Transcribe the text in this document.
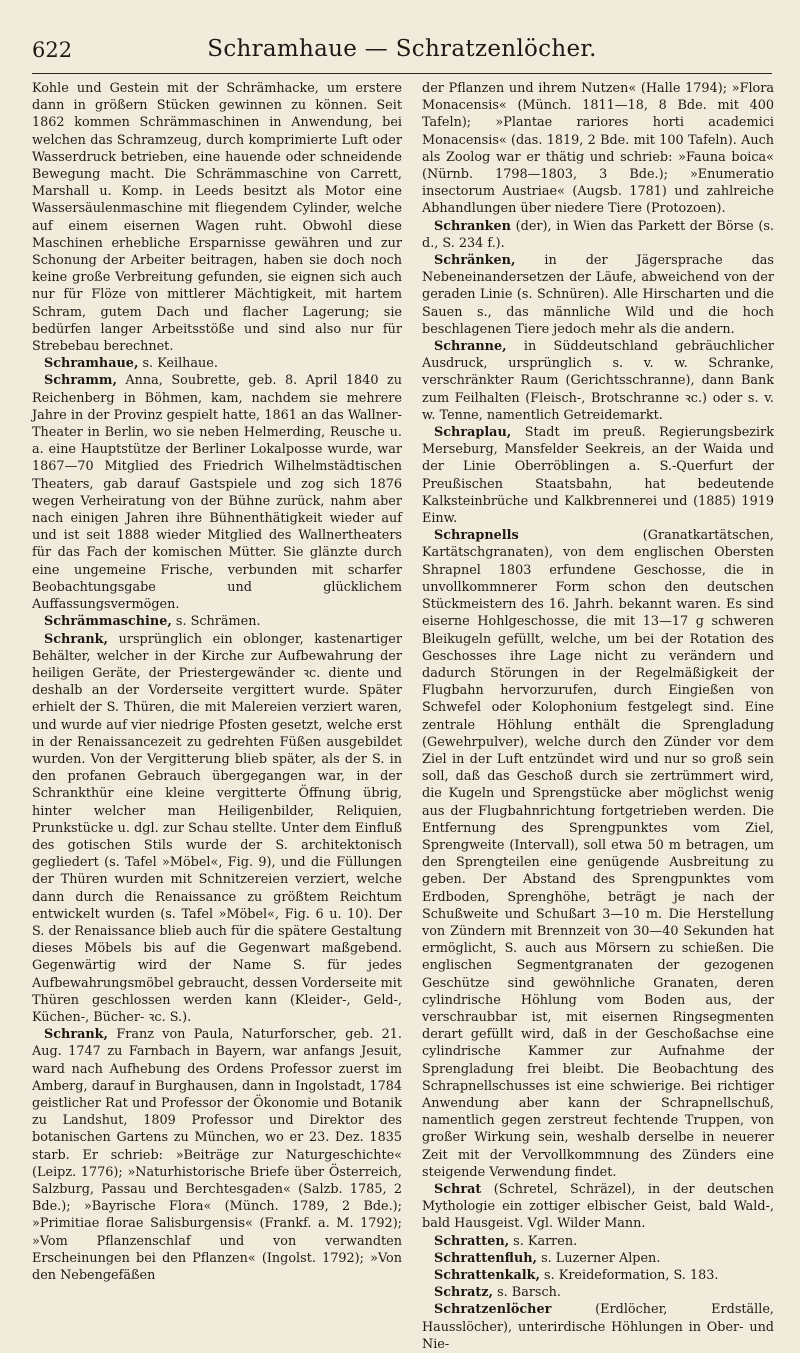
622	Schramhaue — Schratzenlöcher.

Kohle und Gestein mit der Schrämhacke, um erstere dann in größern Stücken gewinnen zu können. Seit 1862 kommen Schrämmaschinen in Anwendung, bei welchen das Schramzeug, durch komprimierte Luft oder Wasserdruck betrieben, eine hauende oder schneidende Bewegung macht. Die Schrämmaschine von Carrett, Marshall u. Komp. in Leeds besitzt als Motor eine Wassersäulenmaschine mit fliegendem Cylinder, welche auf einem eisernen Wagen ruht. Obwohl diese Maschinen erhebliche Ersparnisse gewähren und zur Schonung der Arbeiter beitragen, haben sie doch noch keine große Verbreitung gefunden, sie eignen sich auch nur für Flöze von mittlerer Mächtigkeit, mit hartem Schram, gutem Dach und flacher Lagerung; sie bedürfen langer Arbeitsstöße und sind also nur für Strebebau berechnet.

Schramhaue, s. Keilhaue.

Schramm, Anna, Soubrette, geb. 8. April 1840 zu Reichenberg in Böhmen, kam, nachdem sie mehrere Jahre in der Provinz gespielt hatte, 1861 an das Wallner-Theater in Berlin, wo sie neben Helmerding, Reusche u. a. eine Hauptstütze der Berliner Lokalposse wurde, war 1867—70 Mitglied des Friedrich Wilhelmstädtischen Theaters, gab darauf Gastspiele und zog sich 1876 wegen Verheiratung von der Bühne zurück, nahm aber nach einigen Jahren ihre Bühnenthätigkeit wieder auf und ist seit 1888 wieder Mitglied des Wallnertheaters für das Fach der komischen Mütter. Sie glänzte durch eine ungemeine Frische, verbunden mit scharfer Beobachtungsgabe und glücklichem Auffassungsvermögen.

Schrämmaschine, s. Schrämen.

Schrank, ursprünglich ein oblonger, kastenartiger Behälter, welcher in der Kirche zur Aufbewahrung der heiligen Geräte, der Priestergewänder ꝛc. diente und deshalb an der Vorderseite vergittert wurde. Später erhielt der S. Thüren, die mit Malereien verziert waren, und wurde auf vier niedrige Pfosten gesetzt, welche erst in der Renaissancezeit zu gedrehten Füßen ausgebildet wurden. Von der Vergitterung blieb später, als der S. in den profanen Gebrauch übergegangen war, in der Schrankthür eine kleine vergitterte Öffnung übrig, hinter welcher man Heiligenbilder, Reliquien, Prunkstücke u. dgl. zur Schau stellte. Unter dem Einfluß des gotischen Stils wurde der S. architektonisch gegliedert (s. Tafel »Möbel«, Fig. 9), und die Füllungen der Thüren wurden mit Schnitzereien verziert, welche dann durch die Renaissance zu größtem Reichtum entwickelt wurden (s. Tafel »Möbel«, Fig. 6 u. 10). Der S. der Renaissance blieb auch für die spätere Gestaltung dieses Möbels bis auf die Gegenwart maßgebend. Gegenwärtig wird der Name S. für jedes Aufbewahrungsmöbel gebraucht, dessen Vorderseite mit Thüren geschlossen werden kann (Kleider-, Geld-, Küchen-, Bücher- ꝛc. S.).

Schrank, Franz von Paula, Naturforscher, geb. 21. Aug. 1747 zu Farnbach in Bayern, war anfangs Jesuit, ward nach Aufhebung des Ordens Professor zuerst im Amberg, darauf in Burghausen, dann in Ingolstadt, 1784 geistlicher Rat und Professor der Ökonomie und Botanik zu Landshut, 1809 Professor und Direktor des botanischen Gartens zu München, wo er 23. Dez. 1835 starb. Er schrieb: »Beiträge zur Naturgeschichte« (Leipz. 1776); »Naturhistorische Briefe über Österreich, Salzburg, Passau und Berchtesgaden« (Salzb. 1785, 2 Bde.); »Bayrische Flora« (Münch. 1789, 2 Bde.); »Primitiae florae Salisburgensis« (Frankf. a. M. 1792); »Vom Pflanzenschlaf und von verwandten Erscheinungen bei den Pflanzen« (Ingolst. 1792); »Von den Nebengefäßen

der Pflanzen und ihrem Nutzen« (Halle 1794); »Flora Monacensis« (Münch. 1811—18, 8 Bde. mit 400 Tafeln); »Plantae rariores horti academici Monacensis« (das. 1819, 2 Bde. mit 100 Tafeln). Auch als Zoolog war er thätig und schrieb: »Fauna boica« (Nürnb. 1798—1803, 3 Bde.); »Enumeratio insectorum Austriae« (Augsb. 1781) und zahlreiche Abhandlungen über niedere Tiere (Protozoen).

Schranken (der), in Wien das Parkett der Börse (s. d., S. 234 f.).

Schränken, in der Jägersprache das Nebeneinandersetzen der Läufe, abweichend von der geraden Linie (s. Schnüren). Alle Hirscharten und die Sauen s., das männliche Wild und die hoch beschlagenen Tiere jedoch mehr als die andern.

Schranne, in Süddeutschland gebräuchlicher Ausdruck, ursprünglich s. v. w. Schranke, verschränkter Raum (Gerichtsschranne), dann Bank zum Feilhalten (Fleisch-, Brotschranne ꝛc.) oder s. v. w. Tenne, namentlich Getreidemarkt.

Schraplau, Stadt im preuß. Regierungsbezirk Merseburg, Mansfelder Seekreis, an der Waida und der Linie Oberröblingen a. S.-Querfurt der Preußischen Staatsbahn, hat bedeutende Kalksteinbrüche und Kalkbrennerei und (1885) 1919 Einw.

Schrapnells (Granatkartätschen, Kartätschgranaten), von dem englischen Obersten Shrapnel 1803 erfundene Geschosse, die in unvollkommnerer Form schon den deutschen Stückmeistern des 16. Jahrh. bekannt waren. Es sind eiserne Hohlgeschosse, die mit 13—17 g schweren Bleikugeln gefüllt, welche, um bei der Rotation des Geschosses ihre Lage nicht zu verändern und dadurch Störungen in der Regelmäßigkeit der Flugbahn hervorzurufen, durch Eingießen von Schwefel oder Kolophonium festgelegt sind. Eine zentrale Höhlung enthält die Sprengladung (Gewehrpulver), welche durch den Zünder vor dem Ziel in der Luft entzündet wird und nur so groß sein soll, daß das Geschoß durch sie zertrümmert wird, die Kugeln und Sprengstücke aber möglichst wenig aus der Flugbahnrichtung fortgetrieben werden. Die Entfernung des Sprengpunktes vom Ziel, Sprengweite (Intervall), soll etwa 50 m betragen, um den Sprengteilen eine genügende Ausbreitung zu geben. Der Abstand des Sprengpunktes vom Erdboden, Sprenghöhe, beträgt je nach der Schußweite und Schußart 3—10 m. Die Herstellung von Zündern mit Brennzeit von 30—40 Sekunden hat ermöglicht, S. auch aus Mörsern zu schießen. Die englischen Segmentgranaten der gezogenen Geschütze sind gewöhnliche Granaten, deren cylindrische Höhlung vom Boden aus, der verschraubbar ist, mit eisernen Ringsegmenten derart gefüllt wird, daß in der Geschoßachse eine cylindrische Kammer zur Aufnahme der Sprengladung frei bleibt. Die Beobachtung des Schrapnellschusses ist eine schwierige. Bei richtiger Anwendung aber kann der Schrapnellschuß, namentlich gegen zerstreut fechtende Truppen, von großer Wirkung sein, weshalb derselbe in neuerer Zeit mit der Vervollkommnung des Zünders eine steigende Verwendung findet.

Schrat (Schretel, Schräzel), in der deutschen Mythologie ein zottiger elbischer Geist, bald Wald-, bald Hausgeist. Vgl. Wilder Mann.

Schratten, s. Karren.

Schrattenfluh, s. Luzerner Alpen.

Schrattenkalk, s. Kreideformation, S. 183.

Schratz, s. Barsch.

Schratzenlöcher (Erdlöcher, Erdställe, Hausslöcher), unterirdische Höhlungen in Ober- und Nie-
